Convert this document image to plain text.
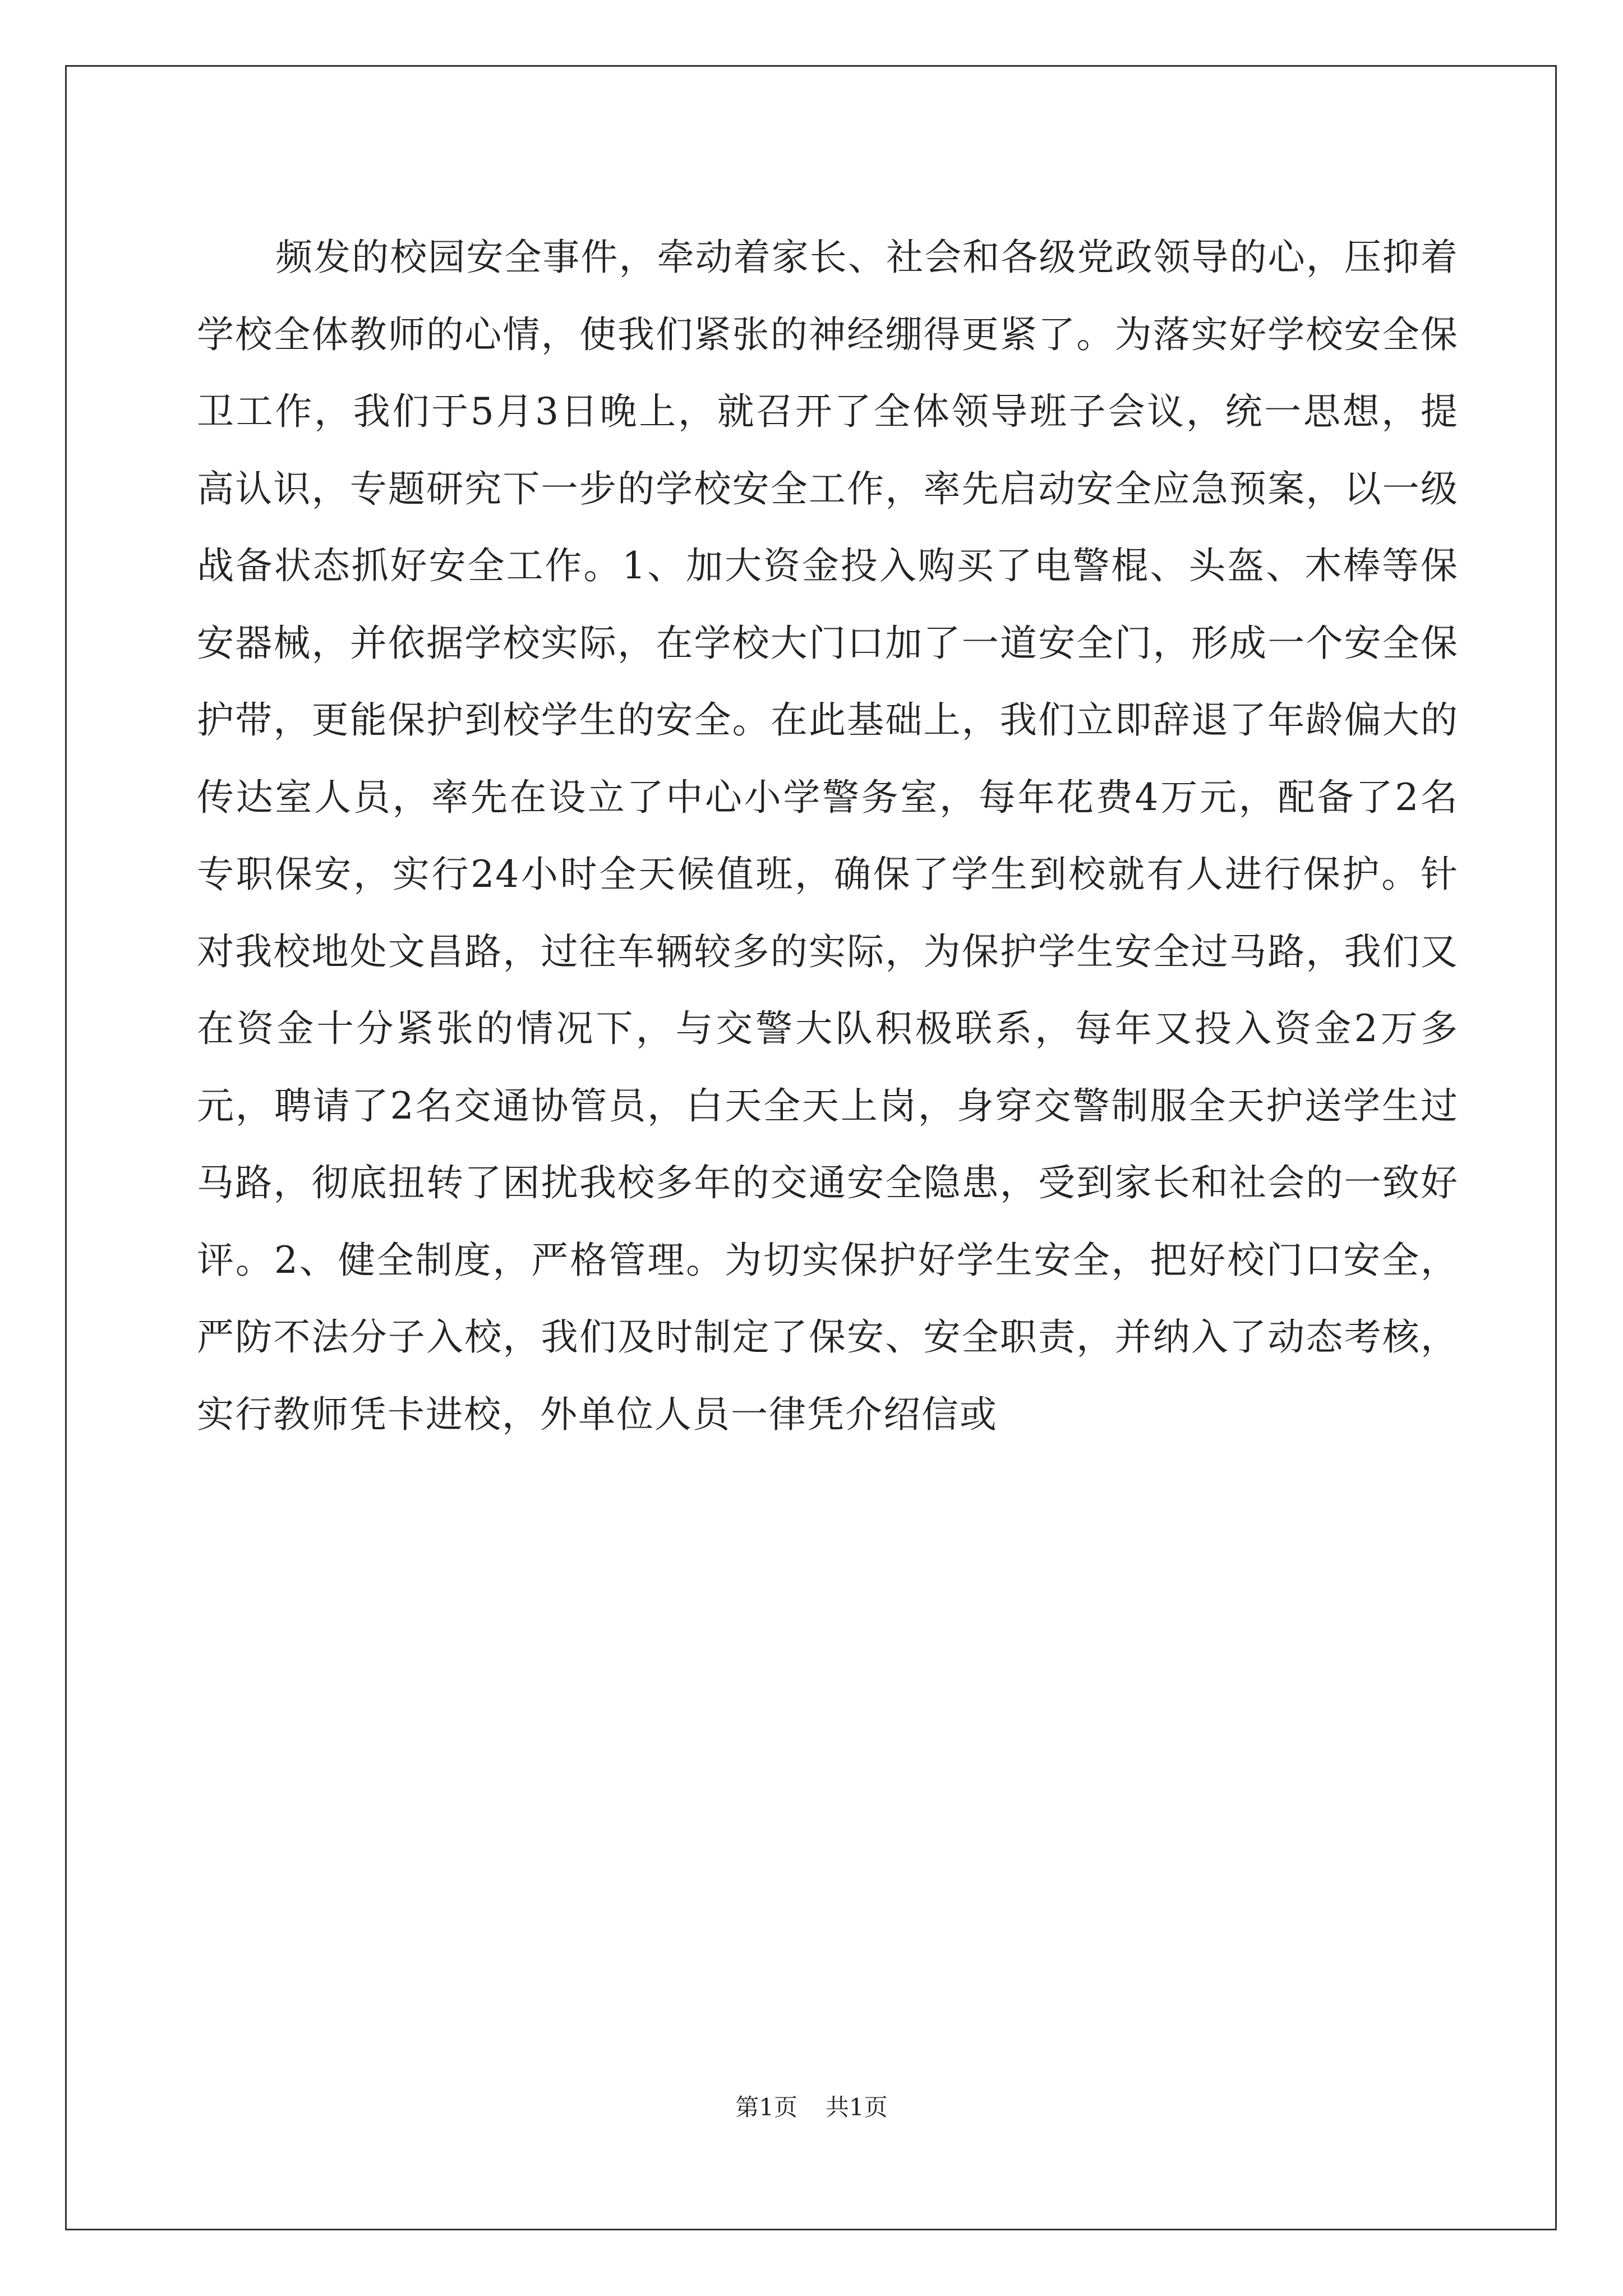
频发的校园安全事件，牵动着家长、社会和各级党政领导的心，压抑着学校全体教师的心情，使我们紧张的神经绷得更紧了。为落实好学校安全保卫工作，我们于5月3日晚上，就召开了全体领导班子会议，统一思想，提高认识，专题研究下一步的学校安全工作，率先启动安全应急预案，以一级战备状态抓好安全工作。1、加大资金投入购买了电警棍、头盔、木棒等保安器械，并依据学校实际，在学校大门口加了一道安全门，形成一个安全保护带，更能保护到校学生的安全。在此基础上，我们立即辞退了年龄偏大的传达室人员，率先在设立了中心小学警务室，每年花费4万元，配备了2名专职保安，实行24小时全天候值班，确保了学生到校就有人进行保护。针对我校地处文昌路，过往车辆较多的实际，为保护学生安全过马路，我们又在资金十分紧张的情况下，与交警大队积极联系，每年又投入资金2万多元，聘请了2名交通协管员，白天全天上岗，身穿交警制服全天护送学生过马路，彻底扭转了困扰我校多年的交通安全隐患，受到家长和社会的一致好评。2、健全制度，严格管理。为切实保护好学生安全，把好校门口安全，严防不法分子入校，我们及时制定了保安、安全职责，并纳入了动态考核，实行教师凭卡进校，外单位人员一律凭介绍信或

第1页 共1页
